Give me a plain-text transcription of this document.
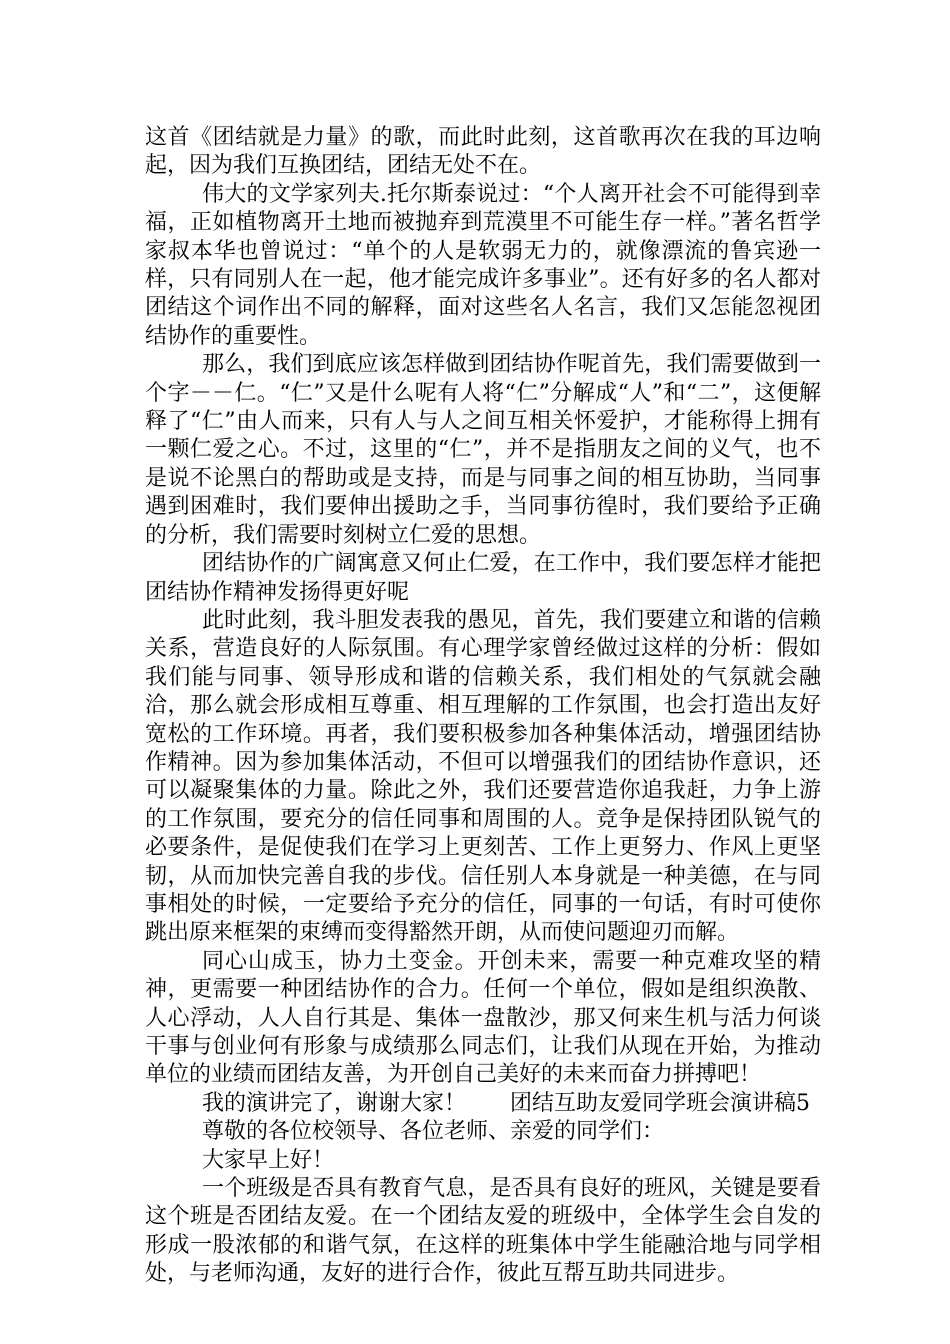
这首《团结就是力量》的歌，而此时此刻，这首歌再次在我的耳边响起，因为我们互换团结，团结无处不在。

伟大的文学家列夫.托尔斯泰说过：“个人离开社会不可能得到幸福，正如植物离开土地而被抛弃到荒漠里不可能生存一样。”著名哲学家叔本华也曾说过：“单个的人是软弱无力的，就像漂流的鲁宾逊一样，只有同别人在一起，他才能完成许多事业”。还有好多的名人都对团结这个词作出不同的解释，面对这些名人名言，我们又怎能忽视团结协作的重要性。

那么，我们到底应该怎样做到团结协作呢首先，我们需要做到一个字－－仁。“仁”又是什么呢有人将“仁”分解成“人”和“二”，这便解释了“仁”由人而来，只有人与人之间互相关怀爱护，才能称得上拥有一颗仁爱之心。不过，这里的“仁”，并不是指朋友之间的义气，也不是说不论黑白的帮助或是支持，而是与同事之间的相互协助，当同事遇到困难时，我们要伸出援助之手，当同事彷徨时，我们要给予正确的分析，我们需要时刻树立仁爱的思想。

团结协作的广阔寓意又何止仁爱，在工作中，我们要怎样才能把团结协作精神发扬得更好呢

此时此刻，我斗胆发表我的愚见，首先，我们要建立和谐的信赖关系，营造良好的人际氛围。有心理学家曾经做过这样的分析：假如我们能与同事、领导形成和谐的信赖关系，我们相处的气氛就会融洽，那么就会形成相互尊重、相互理解的工作氛围，也会打造出友好宽松的工作环境。再者，我们要积极参加各种集体活动，增强团结协作精神。因为参加集体活动，不但可以增强我们的团结协作意识，还可以凝聚集体的力量。除此之外，我们还要营造你追我赶，力争上游的工作氛围，要充分的信任同事和周围的人。竞争是保持团队锐气的必要条件，是促使我们在学习上更刻苦、工作上更努力、作风上更坚韧，从而加快完善自我的步伐。信任别人本身就是一种美德，在与同事相处的时候，一定要给予充分的信任，同事的一句话，有时可使你跳出原来框架的束缚而变得豁然开朗，从而使问题迎刃而解。

同心山成玉，协力土变金。开创未来，需要一种克难攻坚的精神，更需要一种团结协作的合力。任何一个单位，假如是组织涣散、人心浮动，人人自行其是、集体一盘散沙，那又何来生机与活力何谈干事与创业何有形象与成绩那么同志们，让我们从现在开始，为推动单位的业绩而团结友善，为开创自己美好的未来而奋力拼搏吧！

我的演讲完了，谢谢大家！　　团结互助友爱同学班会演讲稿5

尊敬的各位校领导、各位老师、亲爱的同学们：

大家早上好！

一个班级是否具有教育气息，是否具有良好的班风，关键是要看这个班是否团结友爱。在一个团结友爱的班级中，全体学生会自发的形成一股浓郁的和谐气氛，在这样的班集体中学生能融洽地与同学相处，与老师沟通，友好的进行合作，彼此互帮互助共同进步。
